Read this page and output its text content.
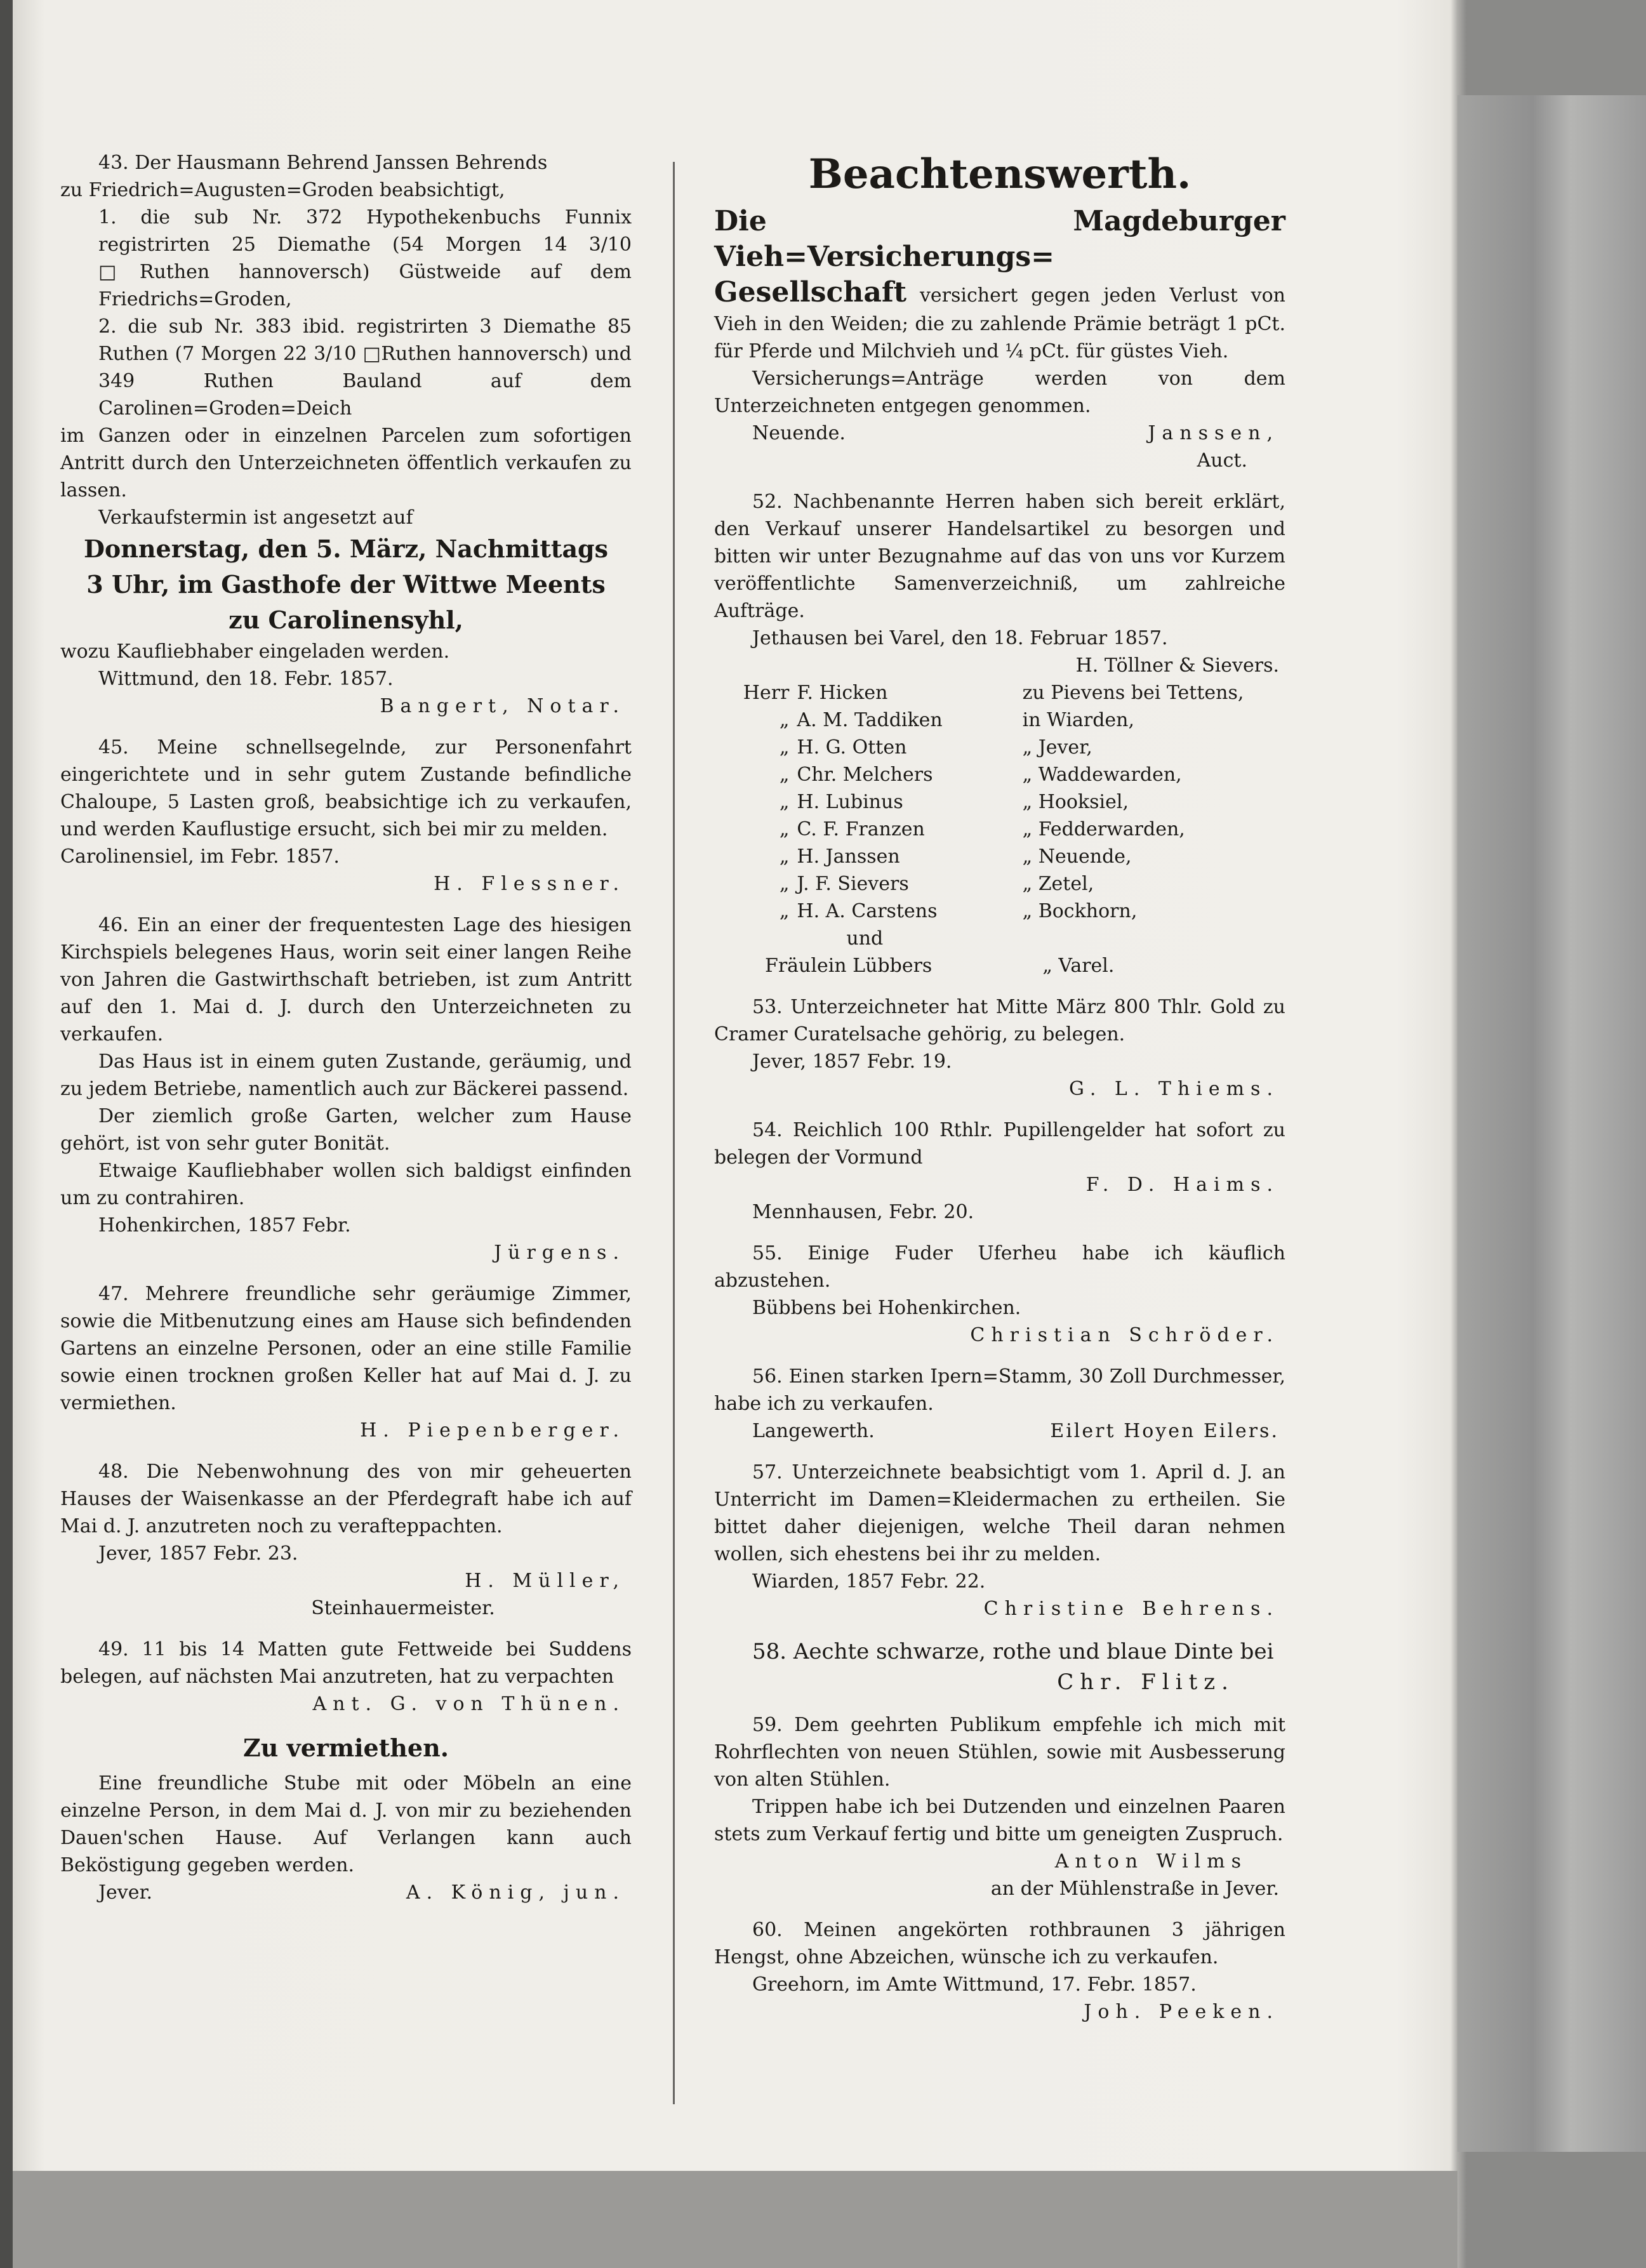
43. Der Hausmann Behrend Janssen Behrends
zu Friedrich=Augusten=Groden beabsichtigt,
1. die sub Nr. 372 Hypothekenbuchs Funnix registrirten 25 Diemathe (54 Morgen 14 3/10 □Ruthen hannoversch) Güstweide auf dem Friedrichs=Groden,
2. die sub Nr. 383 ibid. registrirten 3 Diemathe 85 Ruthen (7 Morgen 22 3/10 □Ruthen hannoversch) und 349 Ruthen Bauland auf dem Carolinen=Groden=Deich
im Ganzen oder in einzelnen Parcelen zum sofortigen Antritt durch den Unterzeichneten öffentlich verkaufen zu lassen.
Verkaufstermin ist angesetzt auf
Donnerstag, den 5. März, Nachmittags
3 Uhr, im Gasthofe der Wittwe Meents
zu Carolinensyhl,
wozu Kaufliebhaber eingeladen werden.
Wittmund, den 18. Febr. 1857.
Bangert, Notar.

45. Meine schnellsegelnde, zur Personenfahrt eingerichtete und in sehr gutem Zustande befindliche Chaloupe, 5 Lasten groß, beabsichtige ich zu verkaufen, und werden Kauflustige ersucht, sich bei mir zu melden.

Carolinensiel, im Febr. 1857.
H. Flessner.

46. Ein an einer der frequentesten Lage des hiesigen Kirchspiels belegenes Haus, worin seit einer langen Reihe von Jahren die Gastwirthschaft betrieben, ist zum Antritt auf den 1. Mai d. J. durch den Unterzeichneten zu verkaufen.

Das Haus ist in einem guten Zustande, geräumig, und zu jedem Betriebe, namentlich auch zur Bäckerei passend.

Der ziemlich große Garten, welcher zum Hause gehört, ist von sehr guter Bonität.

Etwaige Kaufliebhaber wollen sich baldigst einfinden um zu contrahiren.

Hohenkirchen, 1857 Febr.
Jürgens.

47. Mehrere freundliche sehr geräumige Zimmer, sowie die Mitbenutzung eines am Hause sich befindenden Gartens an einzelne Personen, oder an eine stille Familie sowie einen trocknen großen Keller hat auf Mai d. J. zu vermiethen.

H. Piepenberger.

48. Die Nebenwohnung des von mir geheuerten Hauses der Waisenkasse an der Pferdegraft habe ich auf Mai d. J. anzutreten noch zu veraftерpachten.

Jever, 1857 Febr. 23.
H. Müller,
Steinhauermeister.

49. 11 bis 14 Matten gute Fettweide bei Suddens belegen, auf nächsten Mai anzutreten, hat zu verpachten

Ant. G. von Thünen.
Zu vermiethen.

Eine freundliche Stube mit oder Möbeln an eine einzelne Person, in dem Mai d. J. von mir zu beziehenden Dauen'schen Hause. Auf Verlangen kann auch Beköstigung gegeben werden.

Jever.	A. König, jun.
Beachtenswerth.
Die Magdeburger Vieh=Versicherungs=
Gesellschaft versichert gegen jeden Verlust von Vieh in den Weiden; die zu zahlende Prämie beträgt 1 pCt. für Pferde und Milchvieh und ¼ pCt. für güstes Vieh.

Versicherungs=Anträge werden von dem Unterzeichneten entgegen genommen.

Neuende.	Janssen,
Auct.

52. Nachbenannte Herren haben sich bereit erklärt, den Verkauf unserer Handelsartikel zu besorgen und bitten wir unter Bezugnahme auf das von uns vor Kurzem veröffentlichte Samenverzeichniß, um zahlreiche Aufträge.

Jethausen bei Varel, den 18. Februar 1857.
H. Töllner & Sievers.
Herr F. Hicken	zu Pievens bei Tettens,
„ A. M. Taddiken	in Wiarden,
„ H. G. Otten	„ Jever,
„ Chr. Melchers	„ Waddewarden,
„ H. Lubinus	„ Hooksiel,
„ C. F. Franzen	„ Fedderwarden,
„ H. Janssen	„ Neuende,
„ J. F. Sievers	„ Zetel,
„ H. A. Carstens	„ Bockhorn,
und
Fräulein Lübbers	„ Varel.

53. Unterzeichneter hat Mitte März 800 Thlr. Gold zu Cramer Curatelsache gehörig, zu belegen.

Jever, 1857 Febr. 19.
G. L. Thiems.

54. Reichlich 100 Rthlr. Pupillengelder hat sofort zu belegen der Vormund

F. D. Haims.
Mennhausen, Febr. 20.

55. Einige Fuder Uferheu habe ich käuflich abzustehen.

Bübbens bei Hohenkirchen.
Christian Schröder.

56. Einen starken Ipern=Stamm, 30 Zoll Durchmesser, habe ich zu verkaufen.

Langewerth.	Eilert Hoyen Eilers.

57. Unterzeichnete beabsichtigt vom 1. April d. J. an Unterricht im Damen=Kleidermachen zu ertheilen. Sie bittet daher diejenigen, welche Theil daran nehmen wollen, sich ehestens bei ihr zu melden.

Wiarden, 1857 Febr. 22.
Christine Behrens.

58. Aechte schwarze, rothe und blaue Dinte bei

Chr. Flitz.

59. Dem geehrten Publikum empfehle ich mich mit Rohrflechten von neuen Stühlen, sowie mit Ausbesserung von alten Stühlen.

Trippen habe ich bei Dutzenden und einzelnen Paaren stets zum Verkauf fertig und bitte um geneigten Zuspruch.

Anton Wilms
an der Mühlenstraße in Jever.

60. Meinen angekörten rothbraunen 3 jährigen Hengst, ohne Abzeichen, wünsche ich zu verkaufen.

Greehorn, im Amte Wittmund, 17. Febr. 1857.
Joh. Peeken.
